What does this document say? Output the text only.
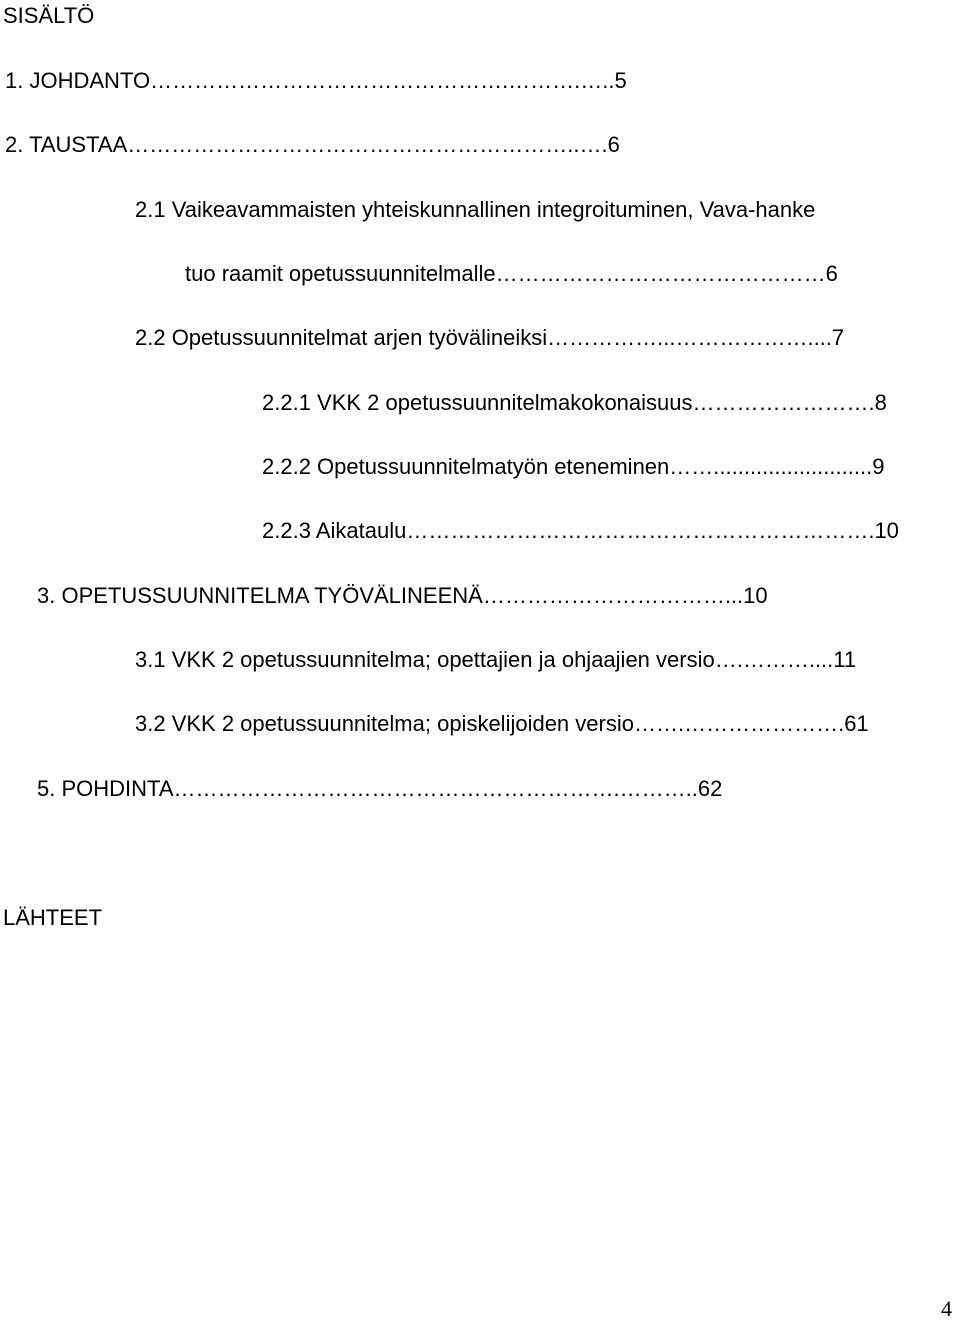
SISÄLTÖ

1. JOHDANTO………………………………………….……….…..5

2. TAUSTAA……………………………………………………..….6

2.1 Vaikeavammaisten yhteiskunnallinen integroituminen, Vava-hanke

tuo raamit opetussuunnitelmalle………………………………………6

2.2 Opetussuunnitelmat arjen työvälineiksi……………...………………....7

2.2.1 VKK 2 opetussuunnitelmakokonaisuus…………………….8

2.2.2 Opetussuunnitelmatyön eteneminen……..........................9

2.2.3 Aikataulu……………………………………………………….10

3. OPETUSSUUNNITELMA TYÖVÄLINEENÄ……………………………...10

3.1 VKK 2 opetussuunnitelma; opettajien ja ohjaajien versio….………....11

3.2 VKK 2 opetussuunnitelma; opiskelijoiden versio…….………………….61

5. POHDINTA…………………………………………………….………..62

LÄHTEET

4
